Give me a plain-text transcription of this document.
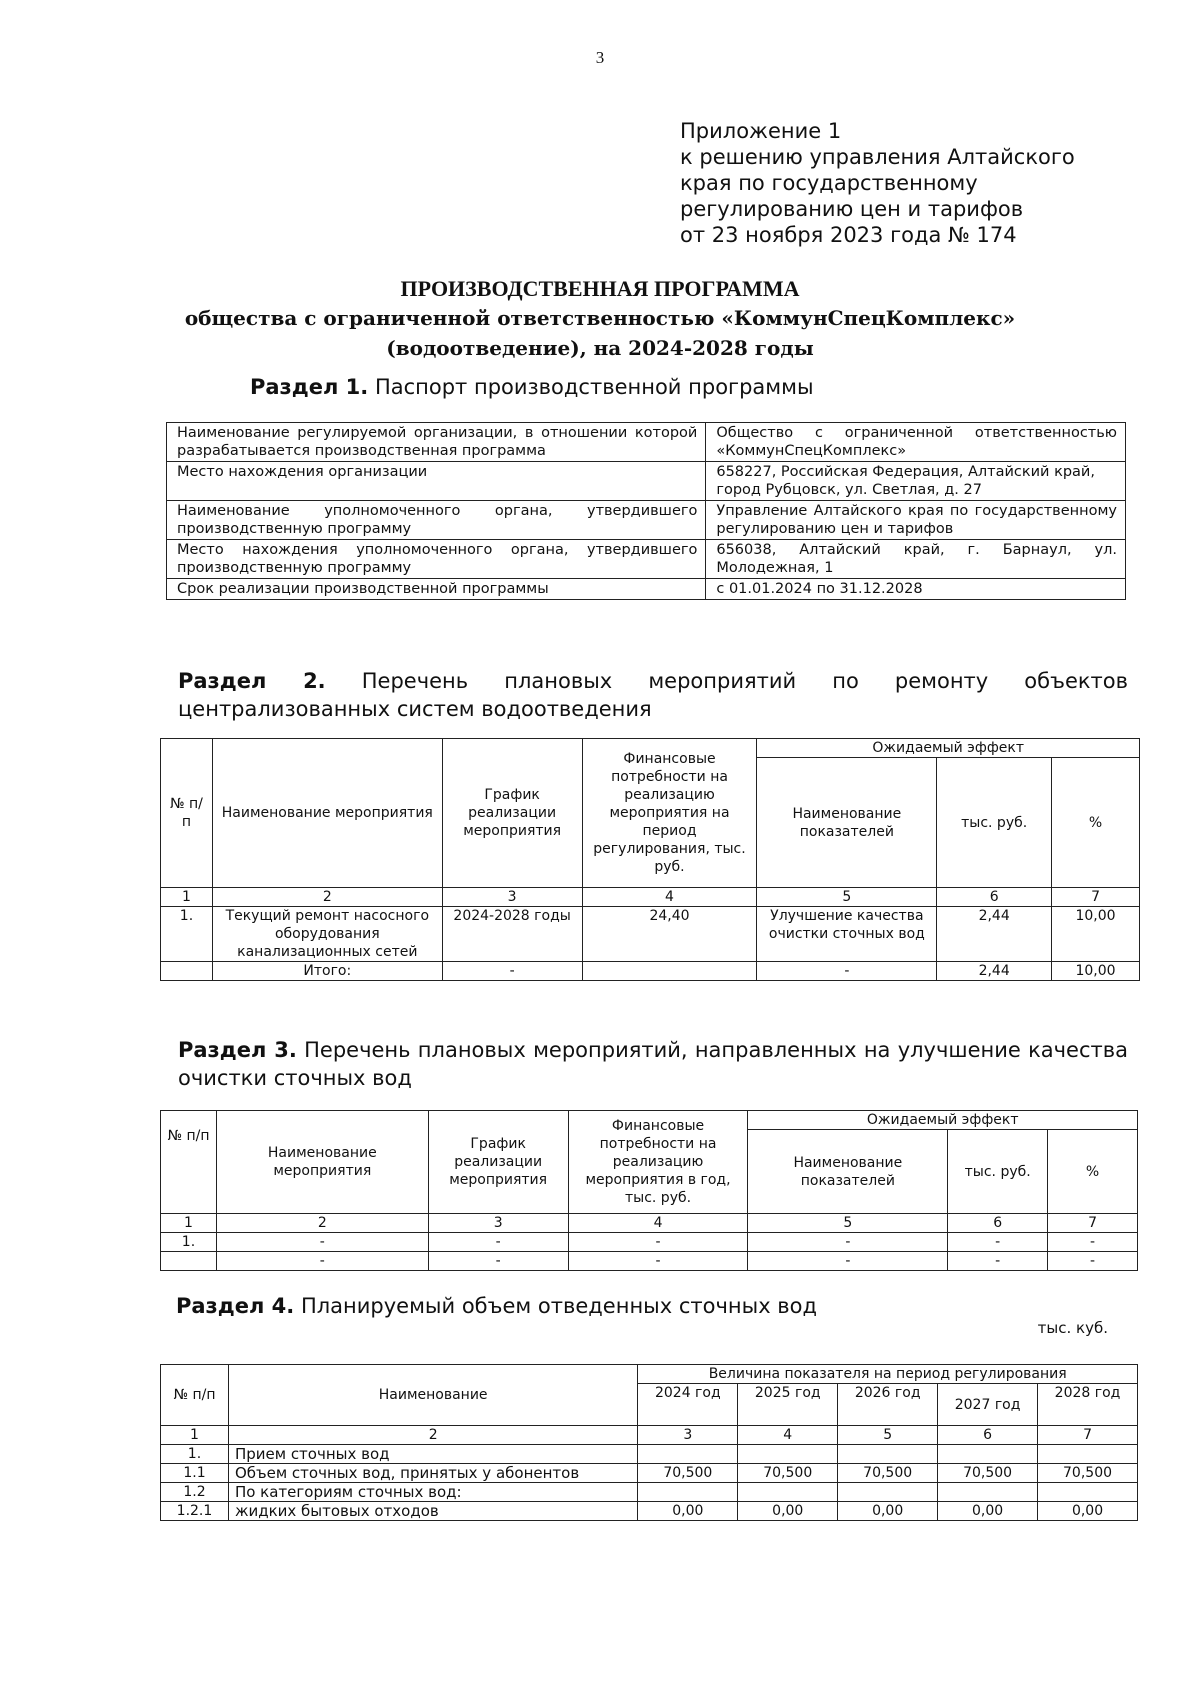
3
Приложение 1
к решению управления Алтайского
края по государственному
регулированию цен и тарифов
от 23 ноября 2023 года № 174
ПРОИЗВОДСТВЕННАЯ ПРОГРАММА
общества с ограниченной ответственностью «КоммунСпецКомплекс»
(водоотведение), на 2024-2028 годы
Раздел 1. Паспорт производственной программы
Наименование регулируемой организации, в отношении которой разрабатывается производственная программа	Общество с ограниченной ответственностью «КоммунСпецКомплекс»
Место нахождения организации	658227, Российская Федерация, Алтайский край, город Рубцовск, ул. Светлая, д. 27
Наименование уполномоченного органа, утвердившего производственную программу	Управление Алтайского края по государственному регулированию цен и тарифов
Место нахождения уполномоченного органа, утвердившего производственную программу	656038, Алтайский край, г. Барнаул, ул. Молодежная, 1
Срок реализации производственной программы	с 01.01.2024 по 31.12.2028
Раздел 2. Перечень плановых мероприятий по ремонту объектов централизованных систем водоотведения
№ п/п	Наименование мероприятия	График реализации мероприятия	Финансовые потребности на реализацию мероприятия на период регулирования, тыс. руб.	Ожидаемый эффект		
				Наименование показателей	тыс. руб.	%
1	2	3	4	5	6	7
1.	Текущий ремонт насосного оборудования канализационных сетей	2024-2028 годы	24,40	Улучшение качества очистки сточных вод	2,44	10,00
	Итого:	-		-	2,44	10,00
Раздел 3. Перечень плановых мероприятий, направленных на улучшение качества очистки сточных вод
№ п/п	Наименование мероприятия	График реализации мероприятия	Финансовые потребности на реализацию мероприятия в год, тыс. руб.	Ожидаемый эффект		
				Наименование показателей	тыс. руб.	%
1	2	3	4	5	6	7
1.	-	-	-	-	-	-
	-	-	-	-	-	-
Раздел 4. Планируемый объем отведенных сточных вод
тыс. куб.
№ п/п	Наименование	Величина показателя на период регулирования				
		2024 год	2025 год	2026 год	2027 год	2028 год
1	2	3	4	5	6	7
1.	Прием сточных вод					
1.1	Объем сточных вод, принятых у абонентов	70,500	70,500	70,500	70,500	70,500
1.2	По категориям сточных вод:					
1.2.1	жидких бытовых отходов	0,00	0,00	0,00	0,00	0,00
